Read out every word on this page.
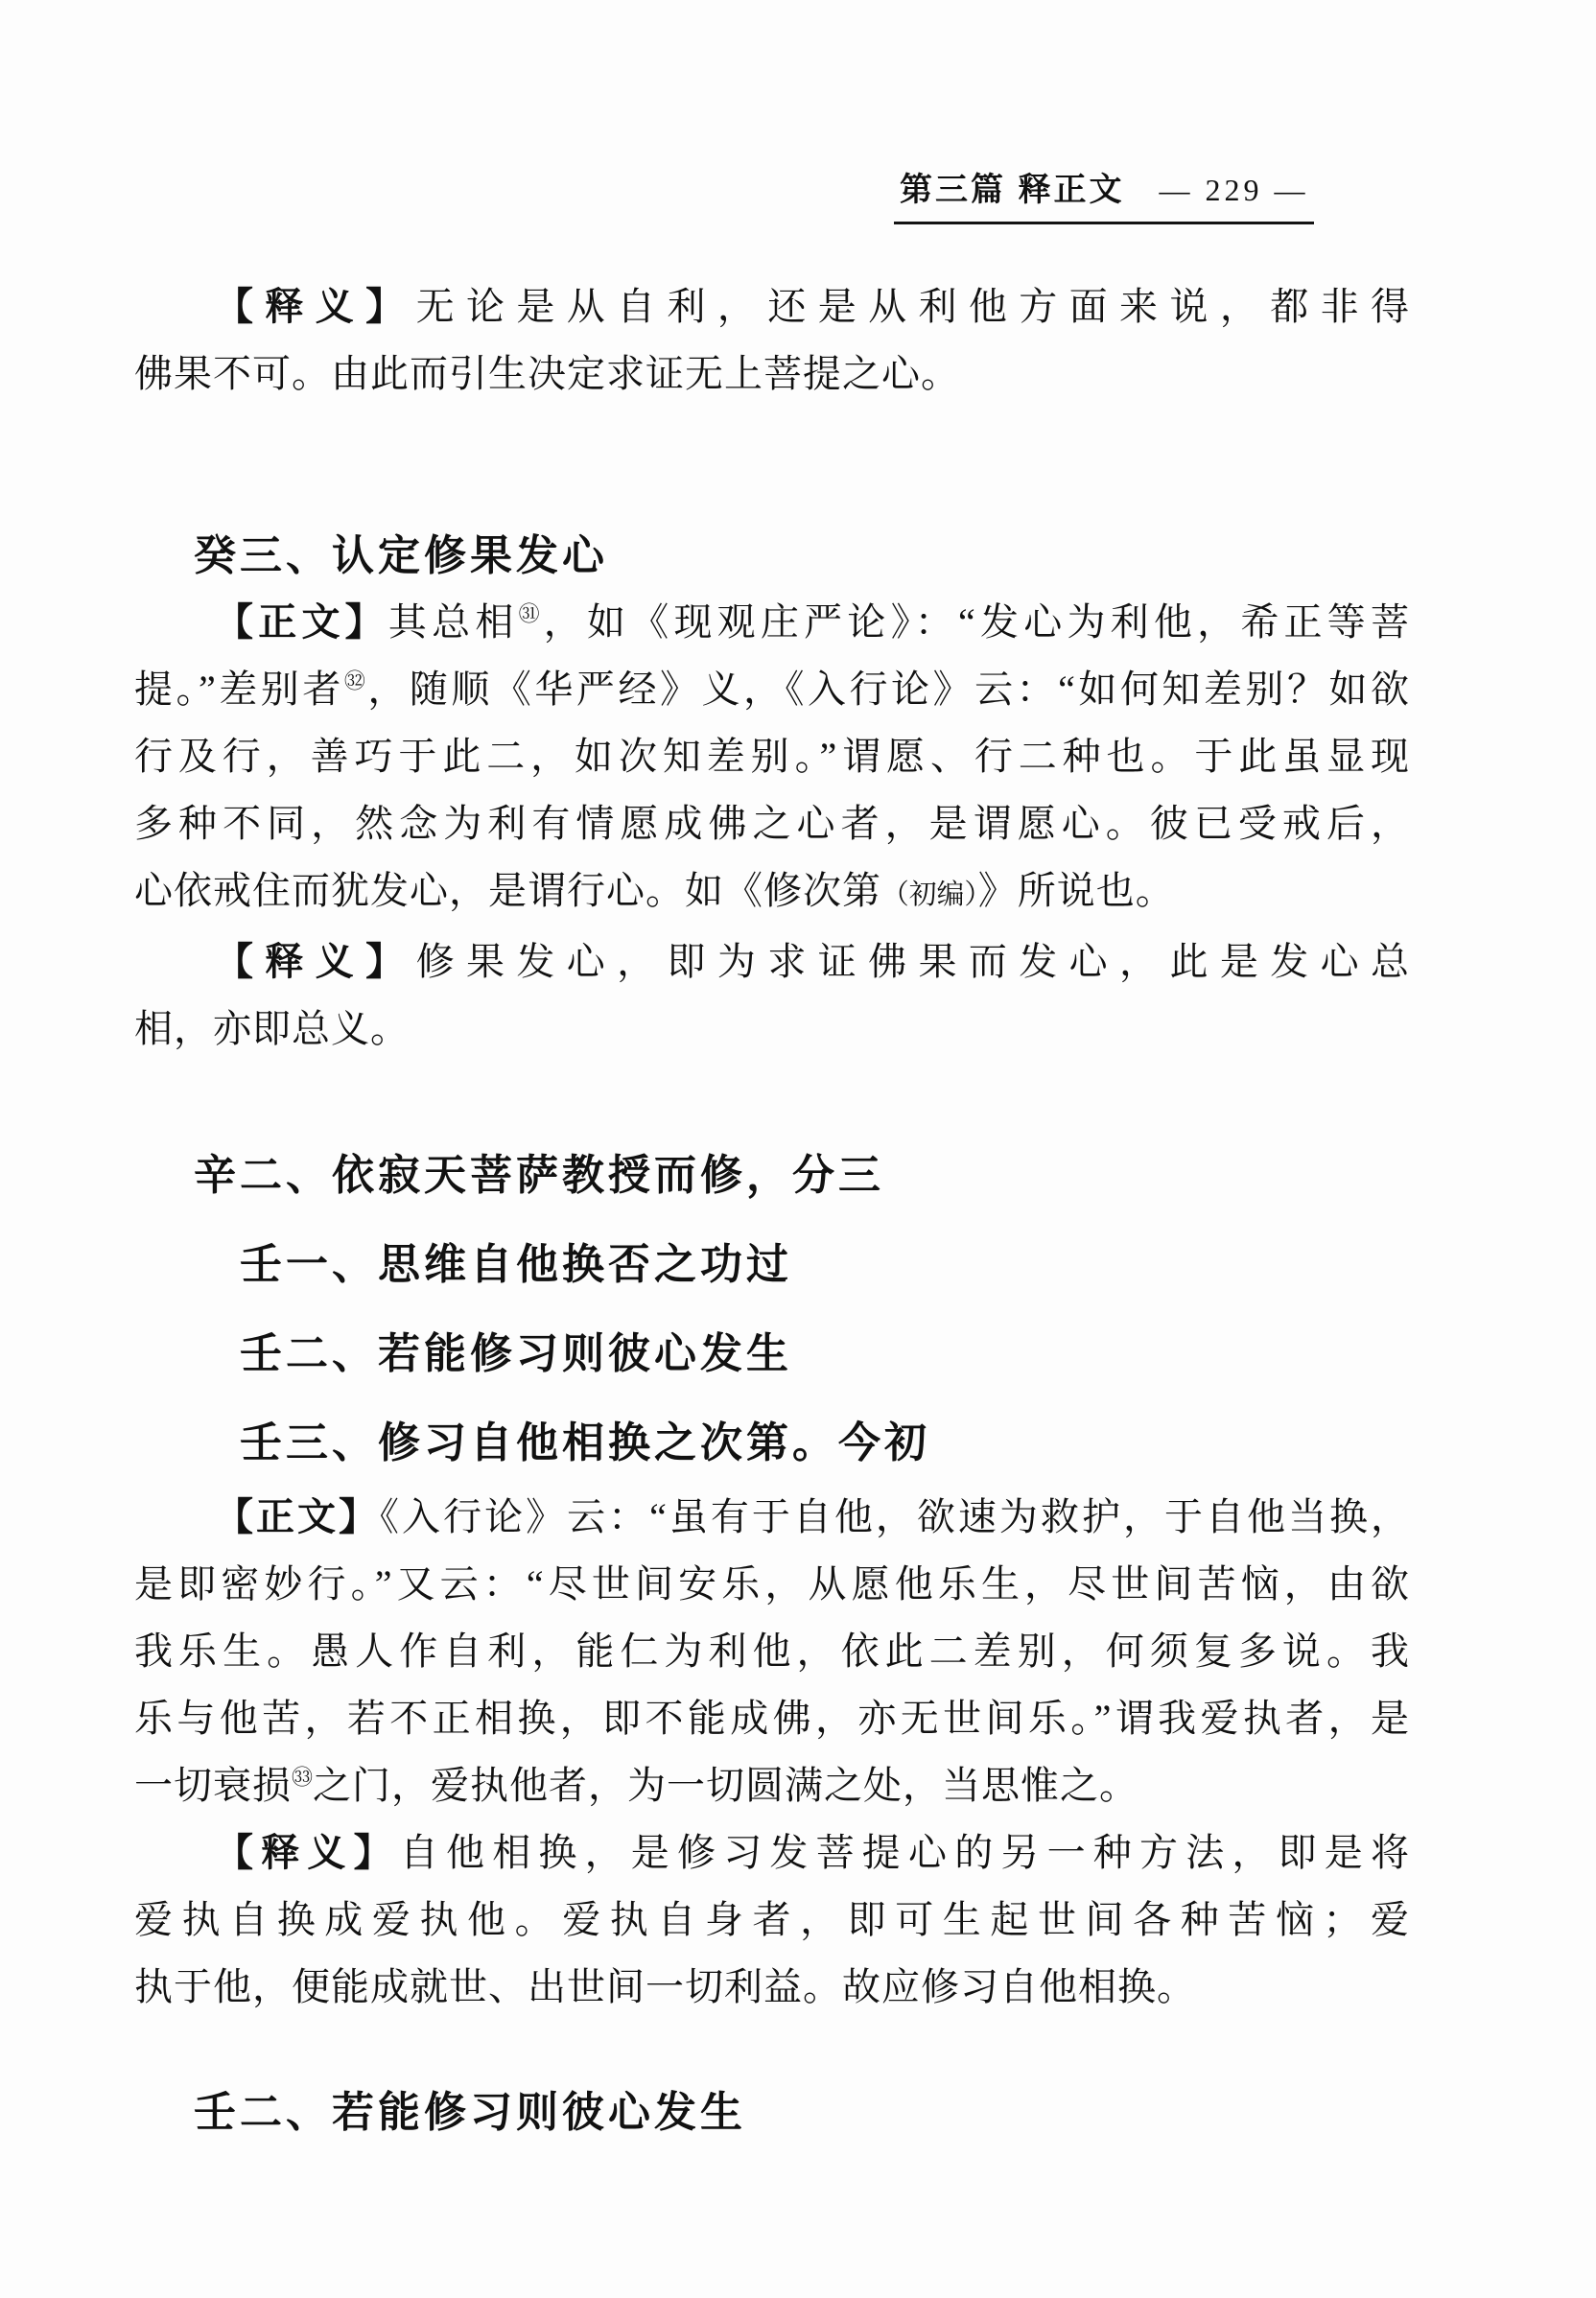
第三篇 释正文 — 229 —
【释义】无论是从自利，还是从利他方面来说，都非得
佛果不可。由此而引生决定求证无上菩提之心。
癸三、认定修果发心
【正文】其总相$^㉛$，如《现观庄严论》：“发心为利他，希正等菩
提。”差别者$^㉜$，随顺《华严经》义，《入行论》云：“如何知差别？如欲
行及行，善巧于此二，如次知差别。”谓愿、行二种也。于此虽显现
多种不同，然念为利有情愿成佛之心者，是谓愿心。彼已受戒后，
心依戒住而犹发心，是谓行心。如《修次第（初编）》所说也。
【释义】修果发心，即为求证佛果而发心，此是发心总
相，亦即总义。
辛二、依寂天菩萨教授而修，分三
壬一、思维自他换否之功过
壬二、若能修习则彼心发生
壬三、修习自他相换之次第。今初
【正文】《入行论》云：“虽有于自他，欲速为救护，于自他当换，
是即密妙行。”又云：“尽世间安乐，从愿他乐生，尽世间苦恼，由欲
我乐生。愚人作自利，能仁为利他，依此二差别，何须复多说。我
乐与他苦，若不正相换，即不能成佛，亦无世间乐。”谓我爱执者，是
一切衰损$^㉝$之门，爱执他者，为一切圆满之处，当思惟之。
【释义】自他相换，是修习发菩提心的另一种方法，即是将
爱执自换成爱执他。爱执自身者，即可生起世间各种苦恼；爱
执于他，便能成就世、出世间一切利益。故应修习自他相换。
壬二、若能修习则彼心发生
